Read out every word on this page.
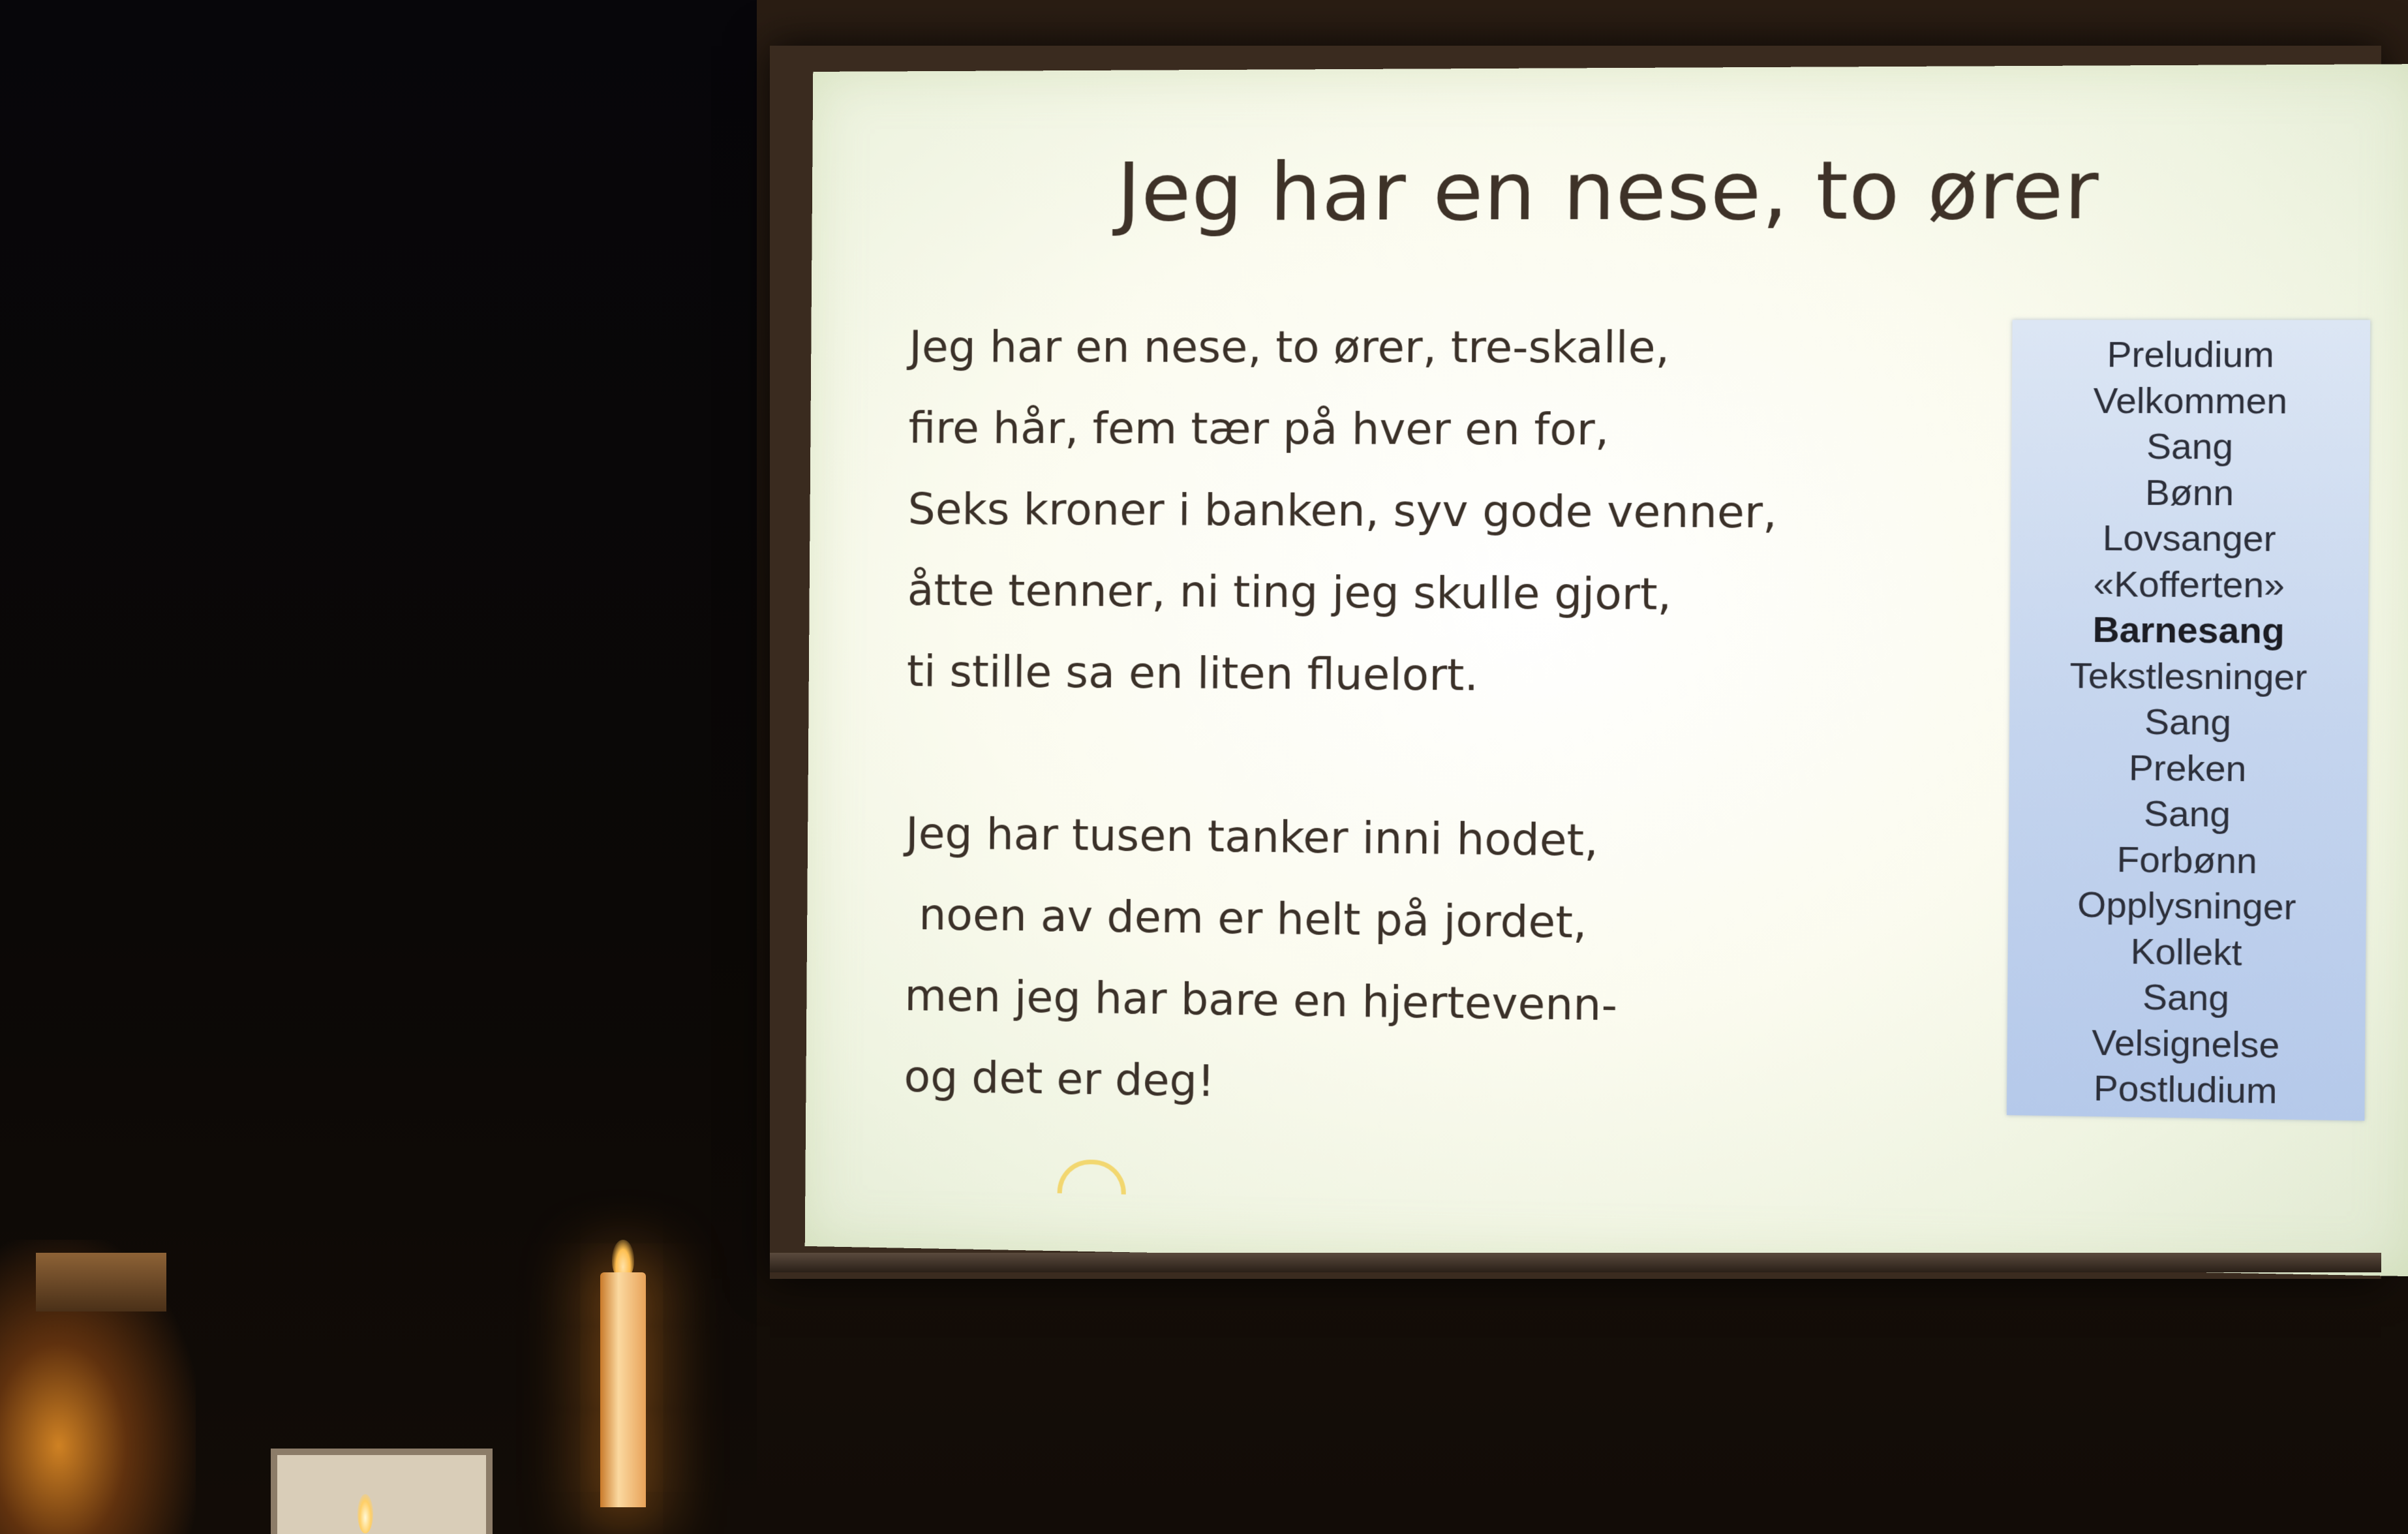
Jeg har en nese, to ører
Jeg har en nese, to ører, tre-skalle,
fire hår, fem tær på hver en for,
Seks kroner i banken, syv gode venner,
åtte tenner, ni ting jeg skulle gjort,
ti stille sa en liten fluelort.
Jeg har tusen tanker inni hodet,
noen av dem er helt på jordet,
men jeg har bare en hjertevenn-
og det er deg!
Preludium
Velkommen
Sang
Bønn
Lovsanger
«Kofferten»
Barnesang
Tekstlesninger
Sang
Preken
Sang
Forbønn
Opplysninger
Kollekt
Sang
Velsignelse
Postludium
